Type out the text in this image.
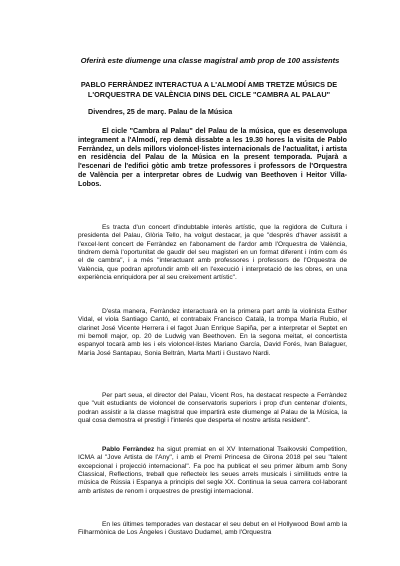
Oferirà este diumenge una classe magistral amb prop de 100 assistents
PABLO FERRÀNDEZ INTERACTUA A L'ALMODÍ AMB TRETZE MÚSICS DE L'ORQUESTRA DE VALÈNCIA DINS DEL CICLE "CAMBRA AL PALAU"
Divendres, 25 de març. Palau de la Música
El cicle "Cambra al Palau" del Palau de la música, que es desenvolupa integrament a l'Almodí, rep demà dissabte a les 19.30 hores la visita de Pablo Ferràndez, un dels millors violoncel·listes internacionals de l'actualitat, i artista en residència del Palau de la Música en la present temporada. Pujarà a l'escenari de l'edifici gòtic amb tretze professores i professors de l'Orquestra de València per a interpretar obres de Ludwig van Beethoven i Heitor Villa-Lobos.
Es tracta d'un concert d'indubtable interès artístic, que la regidora de Cultura i presidenta del Palau, Glòria Tello, ha volgut destacar, ja que "després d'haver assistit a l'excel·lent concert de Ferràndez en l'abonament de l'ardor amb l'Orquestra de València, tindrem demà l'oportunitat de gaudir del seu magisteri en un format diferent i íntim com és el de cambra", i a més "interactuant amb professores i professors de l'Orquestra de València, que podran aprofundir amb ell en l'execució i interpretació de les obres, en una experiència enriquidora per al seu creixement artístic".
D'esta manera, Ferràndez interactuarà en la primera part amb la violinista Esther Vidal, el viola Santiago Cantó, el contrabaix Francisco Català, la trompa María Rubio, el clarinet José Vicente Herrera i el fagot Juan Enrique Sapiña, per a interpretar el Septet en mi bemoll major, op. 20 de Ludwig van Beethoven. En la segona meitat, el concertista espanyol tocarà amb les i els violoncel·listes Mariano García, David Forés, Ivan Balaguer, María José Santapau, Sonia Beltrán, Marta Martí i Gustavo Nardi.
Per part seua, el director del Palau, Vicent Ros, ha destacat respecte a Ferràndez que "vuit estudiants de violoncel de conservatoris superiors i prop d'un centenar d'oients, podran assistir a la classe magistral que impartirà este diumenge al Palau de la Música, la qual cosa demostra el prestigi i l'interés que desperta el nostre artista resident".
Pablo Ferràndez ha sigut premiat en el XV International Tsaikovski Competition, ICMA al "Jove Artista de l'Any", i amb el Premi Princesa de Girona 2018 pel seu "talent excepcional i projecció internacional". Fa poc ha publicat el seu primer àlbum amb Sony Classical, Reflections, treball que reflecteix les seues arrels musicals i similituds entre la música de Rússia i Espanya a principis del segle XX. Continua la seua carrera col·laborant amb artistes de renom i orquestres de prestigi internacional.
En les últimes temporades van destacar el seu debut en el Hollywood Bowl amb la Filharmònica de Los Àngeles i Gustavo Dudamel, amb l'Orquestra
